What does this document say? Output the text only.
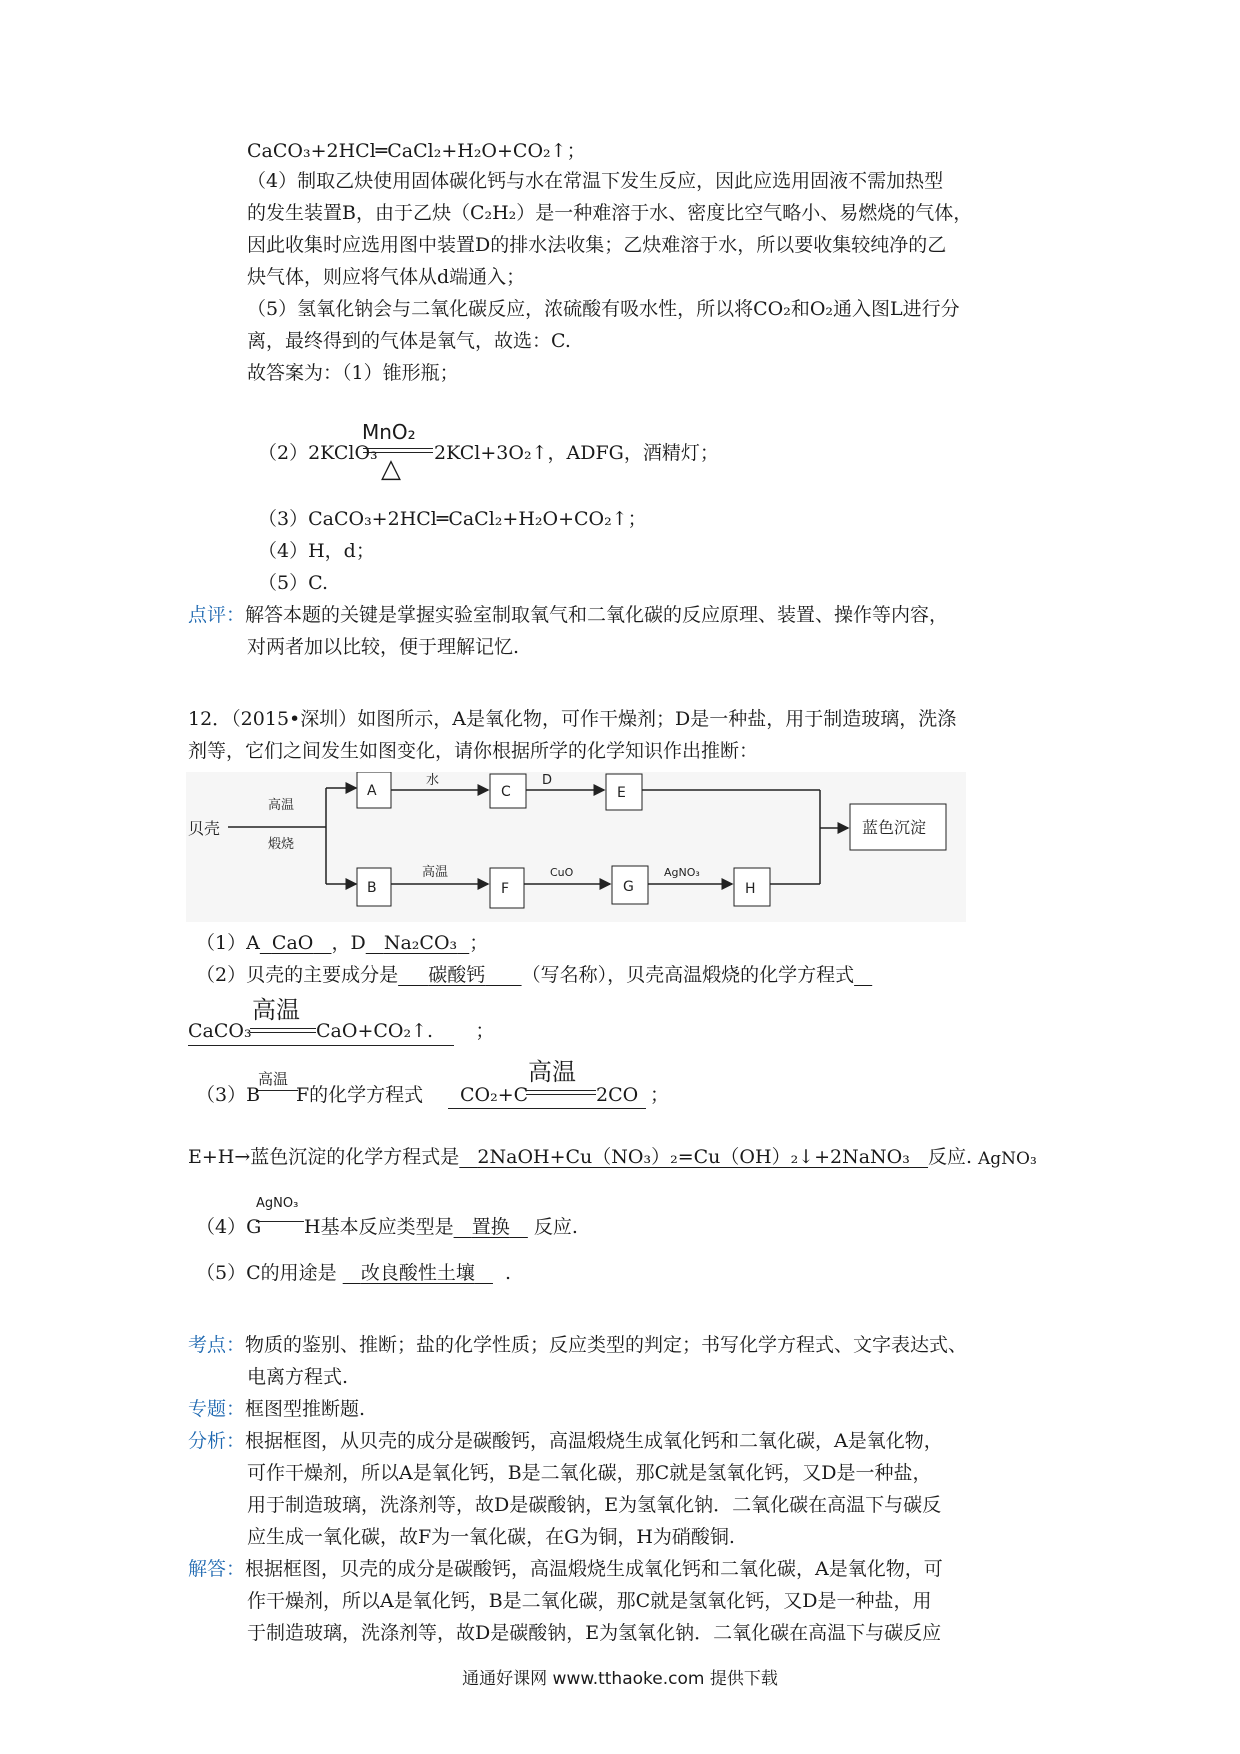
CaCO₃+2HCl═CaCl₂+H₂O+CO₂↑；
（4）制取乙炔使用固体碳化钙与水在常温下发生反应，因此应选用固液不需加热型
的发生装置B，由于乙炔（C₂H₂）是一种难溶于水、密度比空气略小、易燃烧的气体，
因此收集时应选用图中装置D的排水法收集；乙炔难溶于水，所以要收集较纯净的乙
炔气体，则应将气体从d端通入；
（5）氢氧化钠会与二氧化碳反应，浓硫酸有吸水性，所以将CO₂和O₂通入图L进行分
离，最终得到的气体是氧气，故选：C.
故答案为：（1）锥形瓶；
（2）2KClO₃
MnO₂
△
2KCl+3O₂↑，ADFG，酒精灯；
（3）CaCO₃+2HCl═CaCl₂+H₂O+CO₂↑；
（4）H，d；
（5）C.
点评：解答本题的关键是掌握实验室制取氧气和二氧化碳的反应原理、装置、操作等内容，
对两者加以比较，便于理解记忆.
12．（2015•深圳）如图所示，A是氧化物，可作干燥剂；D是一种盐，用于制造玻璃，洗涤
剂等，它们之间发生如图变化，请你根据所学的化学知识作出推断：
贝壳
高温
煅烧
A
水
C
D
E
B
高温
F
CuO
G
AgNO₃
H
蓝色沉淀
（1）A CaO ，D Na₂CO₃ ；
（2）贝壳的主要成分是 碳酸钙 （写名称），贝壳高温煅烧的化学方程式
CaCO₃
高温
CaO+CO₂↑. ；
（3）B
高温
F的化学方程式 CO₂+C
高温
2CO ；
E+H→蓝色沉淀的化学方程式是 2NaOH+Cu（NO₃）₂=Cu（OH）₂↓+2NaNO₃ 反应. AgNO₃
（4）G
AgNO₃
H基本反应类型是 置换 反应.
（5）C的用途是 改良酸性土壤 .
考点：物质的鉴别、推断；盐的化学性质；反应类型的判定；书写化学方程式、文字表达式、
电离方程式.
专题：框图型推断题.
分析：根据框图，从贝壳的成分是碳酸钙，高温煅烧生成氧化钙和二氧化碳，A是氧化物，
可作干燥剂，所以A是氧化钙，B是二氧化碳，那C就是氢氧化钙，又D是一种盐，
用于制造玻璃，洗涤剂等，故D是碳酸钠，E为氢氧化钠．二氧化碳在高温下与碳反
应生成一氧化碳，故F为一氧化碳，在G为铜，H为硝酸铜.
解答：根据框图，贝壳的成分是碳酸钙，高温煅烧生成氧化钙和二氧化碳，A是氧化物，可
作干燥剂，所以A是氧化钙，B是二氧化碳，那C就是氢氧化钙，又D是一种盐，用
于制造玻璃，洗涤剂等，故D是碳酸钠，E为氢氧化钠．二氧化碳在高温下与碳反应
通通好课网 www.tthaoke.com 提供下载
